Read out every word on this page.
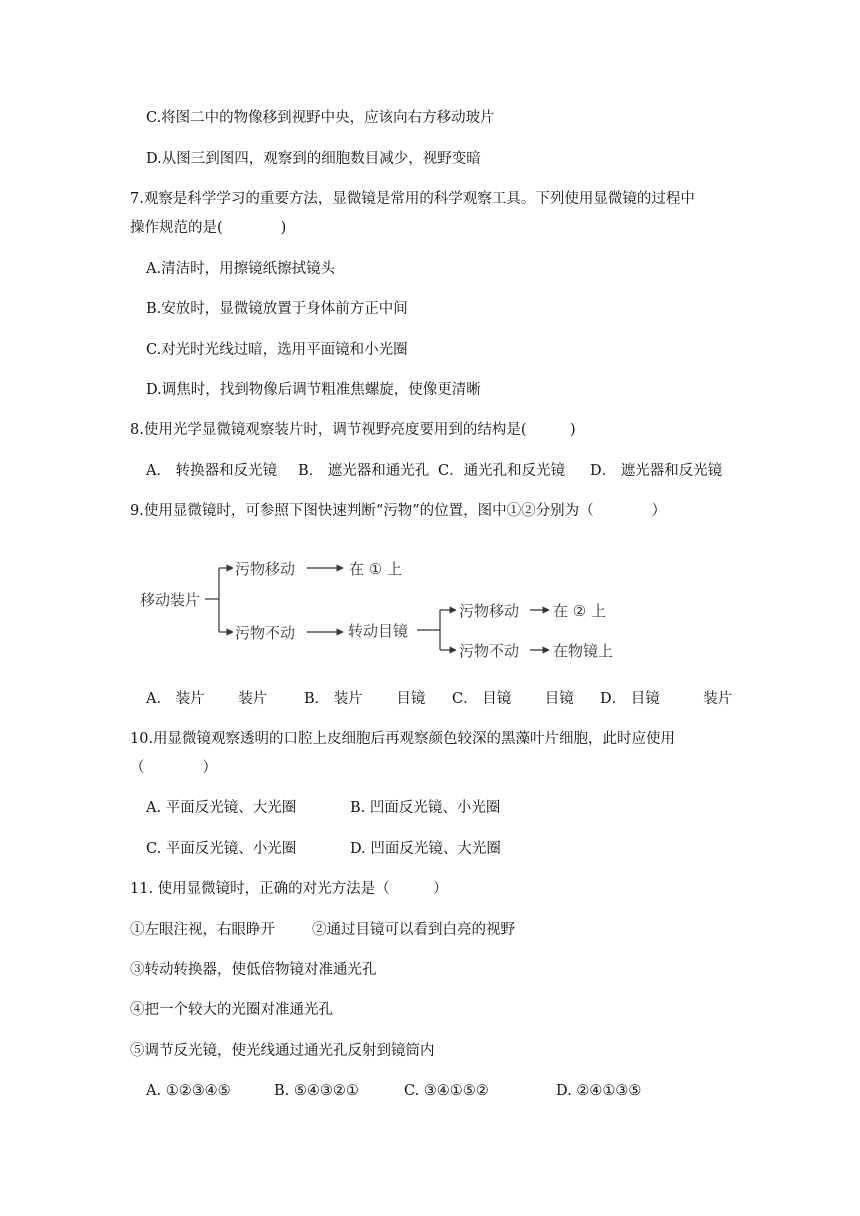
C.将图二中的物像移到视野中央，应该向右方移动玻片
D.从图三到图四，观察到的细胞数目减少，视野变暗
7.观察是科学学习的重要方法，显微镜是常用的科学观察工具。下列使用显微镜的过程中
操作规范的是(　　　　)
A.清洁时，用擦镜纸擦拭镜头
B.安放时，显微镜放置于身体前方正中间
C.对光时光线过暗，选用平面镜和小光圈
D.调焦时，找到物像后调节粗准焦螺旋，使像更清晰
8.使用光学显微镜观察装片时，调节视野亮度要用到的结构是(　　　)
A． 转换器和反光镜 B． 遮光器和通光孔 C．通光孔和反光镜 D． 遮光器和反光镜
9.使用显微镜时，可参照下图快速判断“污物”的位置，图中①②分别为（　　　　）
移动装片
污物移动	在 ① 上
污物不动	转动目镜
污物移动 在 ② 上
污物不动 在物镜上
A． 装片　　 装片	B． 装片　　 目镜 C． 目镜　　 目镜 D． 目镜　　　装片
10.用显微镜观察透明的口腔上皮细胞后再观察颜色较深的黑藻叶片细胞，此时应使用
（　　　　）
A. 平面反光镜、大光圈	B. 凹面反光镜、小光圈
C. 平面反光镜、小光圈	D. 凹面反光镜、大光圈
11. 使用显微镜时，正确的对光方法是（　　　）
①左眼注视，右眼睁开	②通过目镜可以看到白亮的视野
③转动转换器，使低倍物镜对准通光孔
④把一个较大的光圈对准通光孔
⑤调节反光镜，使光线通过通光孔反射到镜筒内
A. ①②③④⑤	B. ⑤④③②①	C. ③④①⑤②	D. ②④①③⑤
